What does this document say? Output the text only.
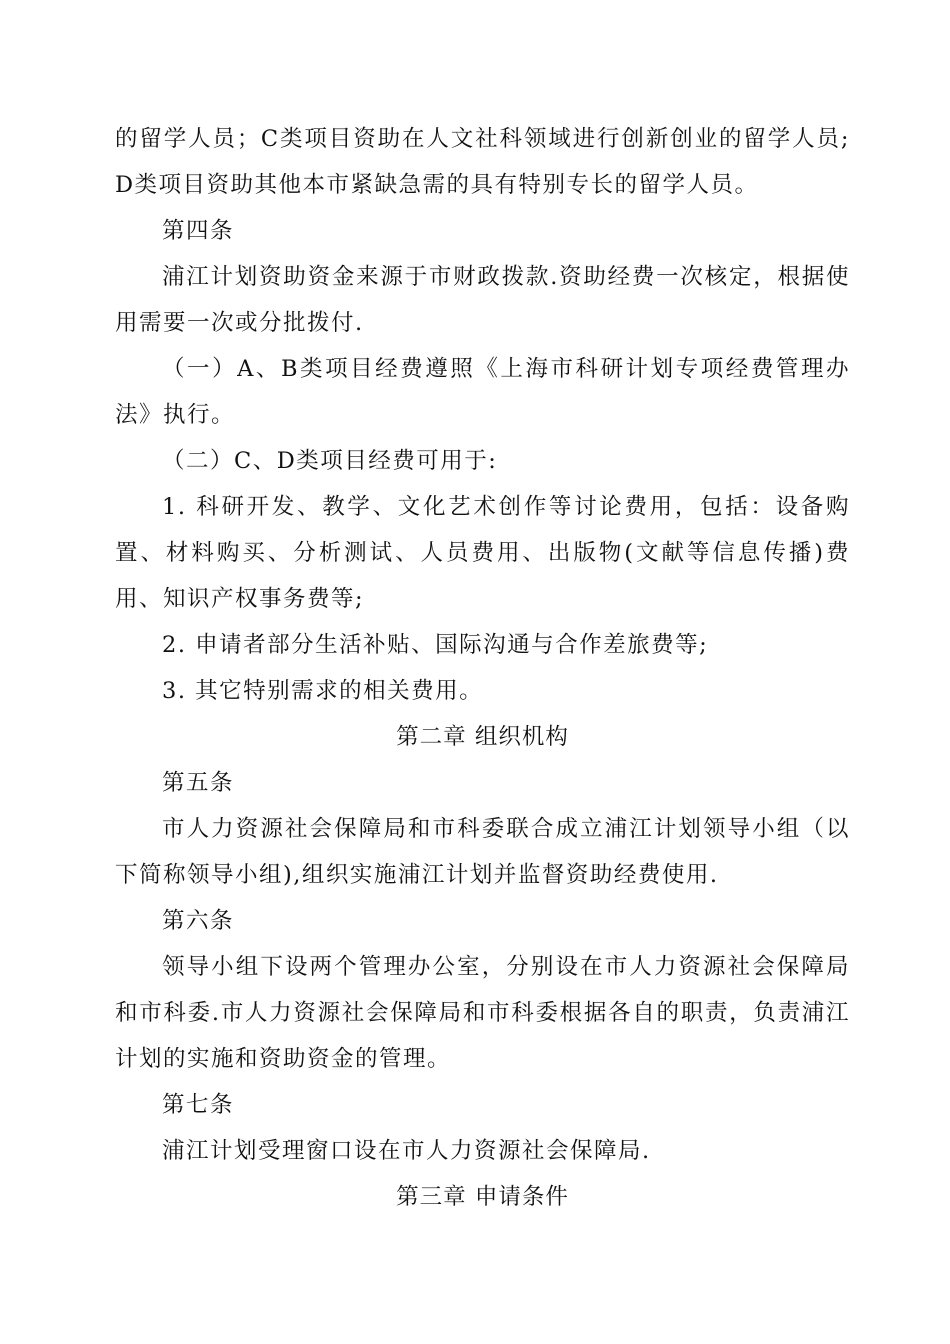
的留学人员；C类项目资助在人文社科领域进行创新创业的留学人员;D类项目资助其他本市紧缺急需的具有特别专长的留学人员。

第四条

浦江计划资助资金来源于市财政拨款.资助经费一次核定，根据使用需要一次或分批拨付.

（一）A、B类项目经费遵照《上海市科研计划专项经费管理办法》执行。

（二）C、D类项目经费可用于:

1. 科研开发、教学、文化艺术创作等讨论费用，包括：设备购置、材料购买、分析测试、人员费用、出版物(文献等信息传播)费用、知识产权事务费等;

2. 申请者部分生活补贴、国际沟通与合作差旅费等;

3. 其它特别需求的相关费用。

第二章 组织机构

第五条

市人力资源社会保障局和市科委联合成立浦江计划领导小组（以下简称领导小组),组织实施浦江计划并监督资助经费使用.

第六条

领导小组下设两个管理办公室，分别设在市人力资源社会保障局和市科委.市人力资源社会保障局和市科委根据各自的职责，负责浦江计划的实施和资助资金的管理。

第七条

浦江计划受理窗口设在市人力资源社会保障局.

第三章 申请条件
